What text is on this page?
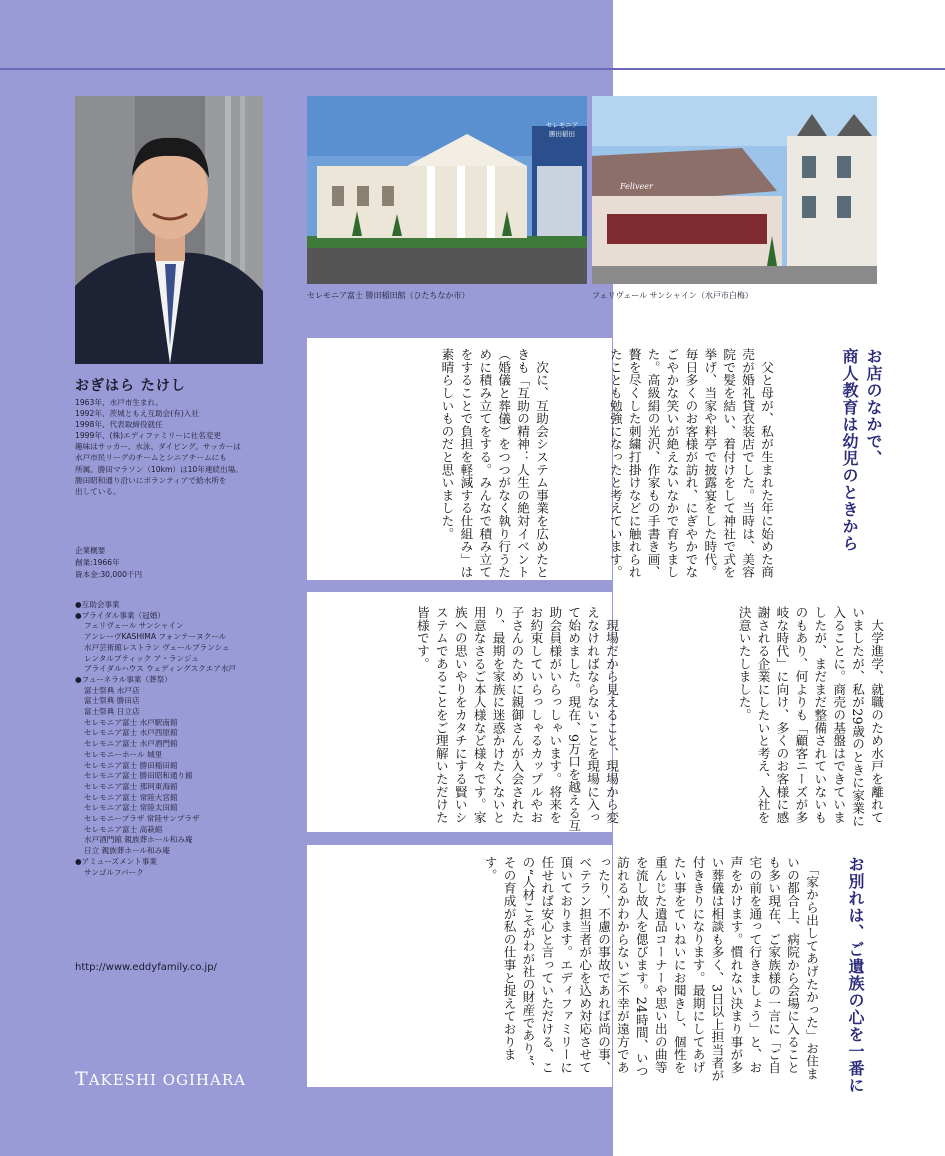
セレモニア
勝田稲田
Feliveer
セレモニア富士 勝田稲田館（ひたちなか市）	フェリヴェール サンシャイン（水戸市白梅）
おぎはら たけし
1963年、水戸市生まれ。
1992年、茨城ともえ互助会(有)入社
1998年、代表取締役就任
1999年、(株)エディファミリーに社名変更
趣味はサッカー、水泳、ダイビング。サッカーは
水戸市民リーグのチームとシニアチームにも
所属。勝田マラソン（10km）は10年連続出場。
勝田昭和通り沿いにボランティアで給水所を
出している。
企業概要
創業:1966年
資本金:30,000千円
●互助会事業
●ブライダル事業（冠婚）
フェリヴェール サンシャイン
アンレーヴKASHIMA フォンテーヌクール
水戸芸術館レストラン ヴェールブランシェ
レンタルブティック ア・ランジュ
ブライダルハウス ウェディングスクエア水戸
●フューネラル事業（葬祭）
富士祭典 水戸店
富士祭典 勝田店
富士祭典 日立店
セレモニア富士 水戸駅南館
セレモニア富士 水戸西原館
セレモニア富士 水戸酒門館
セレモニーホール 城里
セレモニア富士 勝田稲田館
セレモニア富士 勝田昭和通り館
セレモニア富士 那珂東海館
セレモニア富士 常陸大宮館
セレモニア富士 常陸太田館
セレモニープラザ 常陸サンプラザ
セレモニア富士 高萩館
水戸酒門館 親族葬ホール和み庵
日立 親族葬ホール和み庵
●アミューズメント事業
サンゴルフパーク
http://www.eddyfamily.co.jp/
TAKESHI OGIHARA
お店のなかで、
商人教育は幼児のときから
お別れは、ご遺族の心を一番に
　父と母が、私が生まれた年に始めた商売が婚礼貸衣装店でした。当時は、美容院で髪を結い、着付けをして神社で式を挙げ、当家や料亭で披露宴をした時代。毎日多くのお客様が訪れ、にぎやかでなごやかな笑いが絶えないなかで育ちました。高級絹の光沢、作家もの手書き画、贅を尽くした刺繍打掛けなどに触れられたことも勉強になったと考えています。
　次に、互助会システム事業を広めたときも「互助の精神：人生の絶対イベント（婚儀と葬儀）をつつがなく執り行うために積み立てをする。みんなで積み立てをすることで負担を軽減する仕組み」は素晴らしいものだと思いました。
　大学進学、就職のため水戸を離れていましたが、私が29歳のときに家業に入ることに。商売の基盤はできていましたが、まだまだ整備されていないものもあり、何よりも「顧客ニーズが多岐な時代」に向け、多くのお客様に感謝される企業にしたいと考え、入社を決意いたしました。
　現場だから見えること、現場から変えなければならないことを現場に入って始めました。現在、9万口を越える互助会員様がいらっしゃいます。将来をお約束していらっしゃるカップルやお子さんのために親御さんが入会されたり、最期を家族に迷惑かけたくないと用意なさるご本人様など様々です。家族への思いやりをカタチにする賢いシステムであることをご理解いただけた皆様です。
　「家から出してあげたかった」お住まいの都合上、病院から会場に入ることも多い現在、ご家族様の一言に「ご自宅の前を通って行きましょう」と、お声をかけます。慣れない決まり事が多い葬儀は相談も多く、3日以上担当者が付ききりになります。最期にしてあげたい事をていねいにお聞きし、個性を重んじた遺品コーナーや思い出の曲等を流し故人を偲びます。24時間、いつ訪れるかわからないご不幸が遠方であったり、不慮の事故であれば尚の事、ベテラン担当者が心を込め対応させて頂いております。エディファミリーに任せれば安心と言っていただける、この“人材こそがわが社の財産であり”、その育成が私の仕事と捉えております。
